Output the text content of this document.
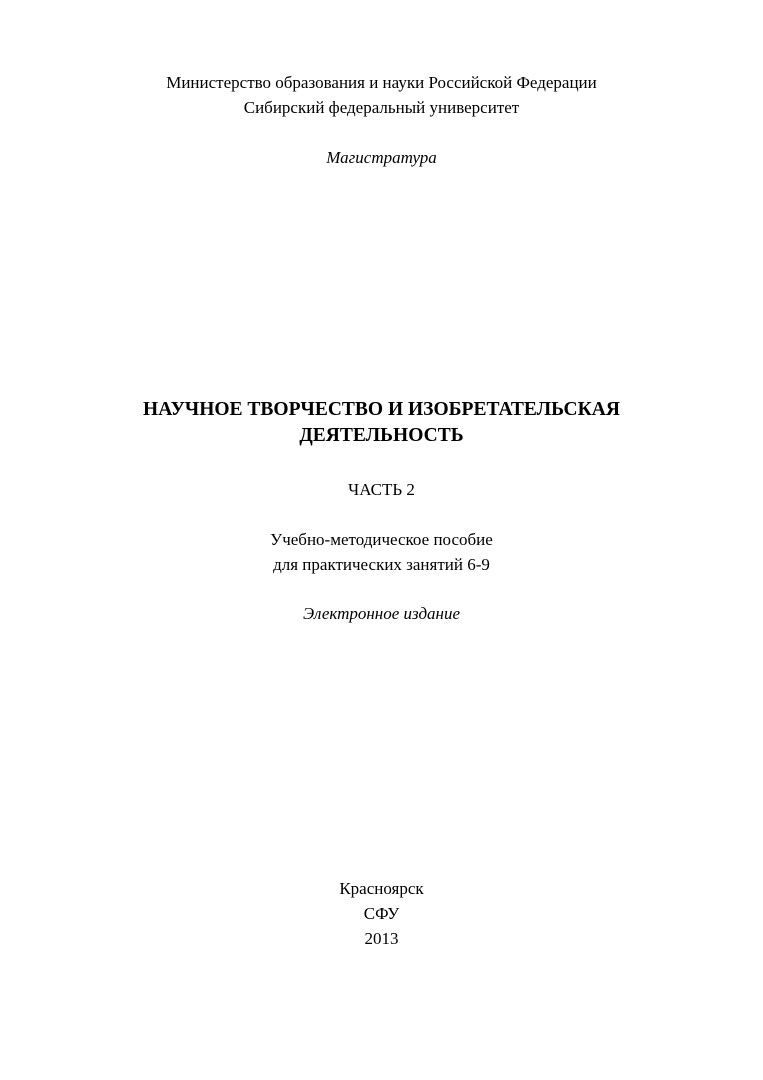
Министерство образования и науки Российской Федерации
Сибирский федеральный университет
Магистратура
НАУЧНОЕ ТВОРЧЕСТВО И ИЗОБРЕТАТЕЛЬСКАЯ
ДЕЯТЕЛЬНОСТЬ
ЧАСТЬ 2
Учебно-методическое пособие
для практических занятий 6-9
Электронное издание
Красноярск
СФУ
2013
